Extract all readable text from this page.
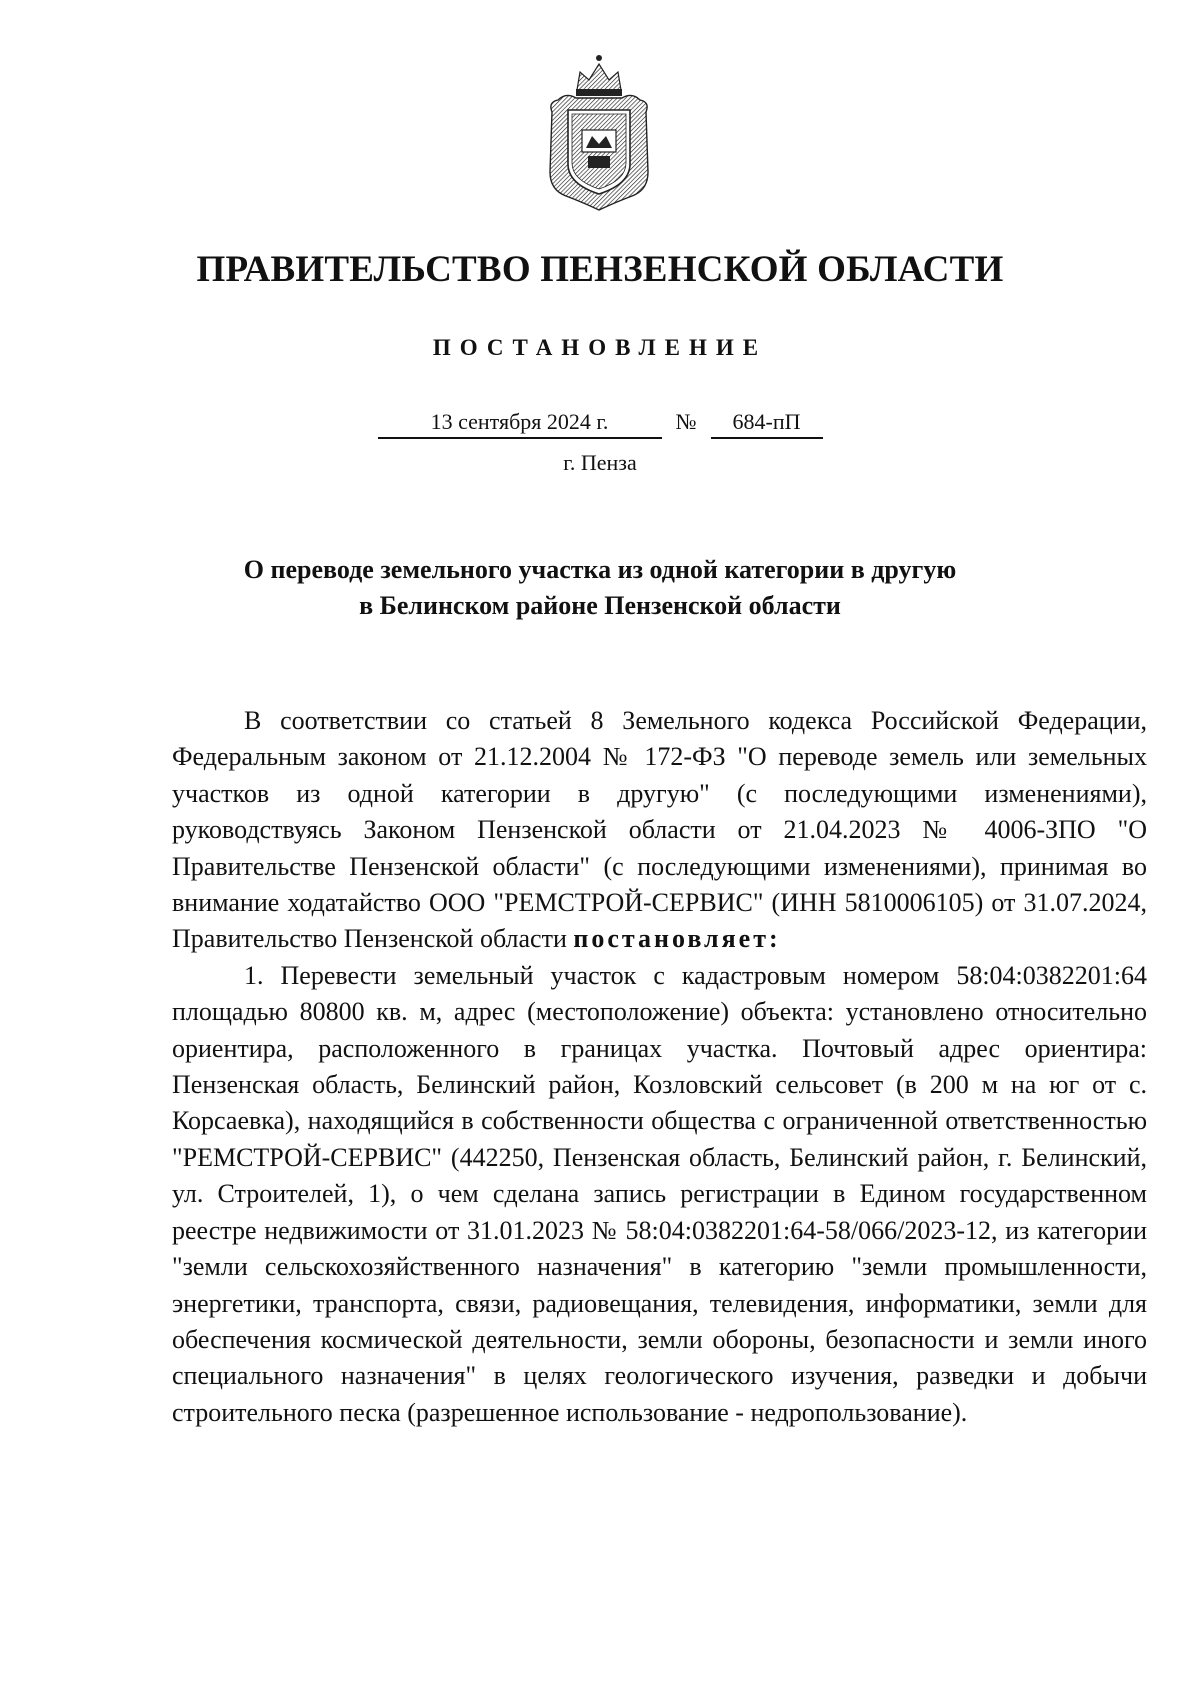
ПРАВИТЕЛЬСТВО ПЕНЗЕНСКОЙ ОБЛАСТИ
ПОСТАНОВЛЕНИЕ
13 сентября 2024 г.	№ 684-пП
г. Пенза
О переводе земельного участка из одной категории в другую
в Белинском районе Пензенской области

В соответствии со статьей 8 Земельного кодекса Российской Федерации, Федеральным законом от 21.12.2004 № 172-ФЗ "О переводе земель или земельных участков из одной категории в другую" (с последующими изменениями), руководствуясь Законом Пензенской области от 21.04.2023 № 4006-ЗПО "О Правительстве Пензенской области" (с последующими изменениями), принимая во внимание ходатайство ООО "РЕМСТРОЙ-СЕРВИС" (ИНН 5810006105) от 31.07.2024, Правительство Пензенской области постановляет:

1. Перевести земельный участок с кадастровым номером 58:04:0382201:64 площадью 80800 кв. м, адрес (местоположение) объекта: установлено относительно ориентира, расположенного в границах участка. Почтовый адрес ориентира: Пензенская область, Белинский район, Козловский сельсовет (в 200 м на юг от с. Корсаевка), находящийся в собственности общества с ограниченной ответственностью "РЕМСТРОЙ-СЕРВИС" (442250, Пензенская область, Белинский район, г. Белинский, ул. Строителей, 1), о чем сделана запись регистрации в Едином государственном реестре недвижимости от 31.01.2023 № 58:04:0382201:64-58/066/2023-12, из категории "земли сельскохозяйственного назначения" в категорию "земли промышленности, энергетики, транспорта, связи, радиовещания, телевидения, информатики, земли для обеспечения космической деятельности, земли обороны, безопасности и земли иного специального назначения" в целях геологического изучения, разведки и добычи строительного песка (разрешенное использование - недропользование).
